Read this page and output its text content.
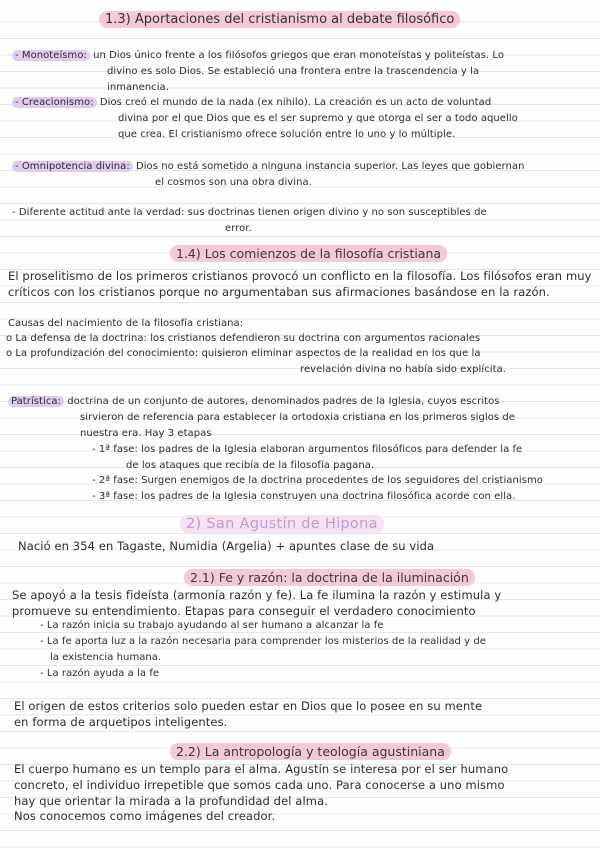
1.3) Aportaciones del cristianismo al debate filosófico
- Monoteísmo: un Dios único frente a los filósofos griegos que eran monoteístas y politeístas. Lo
divino es solo Dios. Se estableció una frontera entre la trascendencia y la
inmanencia.
- Creacionismo: Dios creó el mundo de la nada (ex nihilo). La creación es un acto de voluntad
divina por el que Dios que es el ser supremo y que otorga el ser a todo aquello
que crea. El cristianismo ofrece solución entre lo uno y lo múltiple.
- Omnipotencia divina: Dios no está sometido a ninguna instancia superior. Las leyes que gobiernan
el cosmos son una obra divina.
- Diferente actitud ante la verdad: sus doctrinas tienen origen divino y no son susceptibles de
error.
1.4) Los comienzos de la filosofía cristiana
El proselitismo de los primeros cristianos provocó un conflicto en la filosofía. Los filósofos eran muy
críticos con los cristianos porque no argumentaban sus afirmaciones basándose en la razón.
Causas del nacimiento de la filosofía cristiana:
o La defensa de la doctrina: los cristianos defendieron su doctrina con argumentos racionales
o La profundización del conocimiento: quisieron eliminar aspectos de la realidad en los que la
revelación divina no había sido explícita.
Patrística: doctrina de un conjunto de autores, denominados padres de la Iglesia, cuyos escritos
sirvieron de referencia para establecer la ortodoxia cristiana en los primeros siglos de
nuestra era. Hay 3 etapas
- 1ª fase: los padres de la Iglesia elaboran argumentos filosóficos para defender la fe
de los ataques que recibía de la filosofía pagana.
- 2ª fase: Surgen enemigos de la doctrina procedentes de los seguidores del cristianismo
- 3ª fase: los padres de la Iglesia construyen una doctrina filosófica acorde con ella.
2) San Agustín de Hipona
Nació en 354 en Tagaste, Numidia (Argelia) + apuntes clase de su vida
2.1) Fe y razón: la doctrina de la iluminación
Se apoyó a la tesis fideísta (armonía razón y fe). La fe ilumina la razón y estimula y
promueve su entendimiento. Etapas para conseguir el verdadero conocimiento
- La razón inicia su trabajo ayudando al ser humano a alcanzar la fe
- La fe aporta luz a la razón necesaria para comprender los misterios de la realidad y de
la existencia humana.
- La razón ayuda a la fe
El origen de estos criterios solo pueden estar en Dios que lo posee en su mente
en forma de arquetipos inteligentes.
2.2) La antropología y teología agustiniana
El cuerpo humano es un templo para el alma. Agustín se interesa por el ser humano
concreto, el individuo irrepetible que somos cada uno. Para conocerse a uno mismo
hay que orientar la mirada a la profundidad del alma.
Nos conocemos como imágenes del creador.
